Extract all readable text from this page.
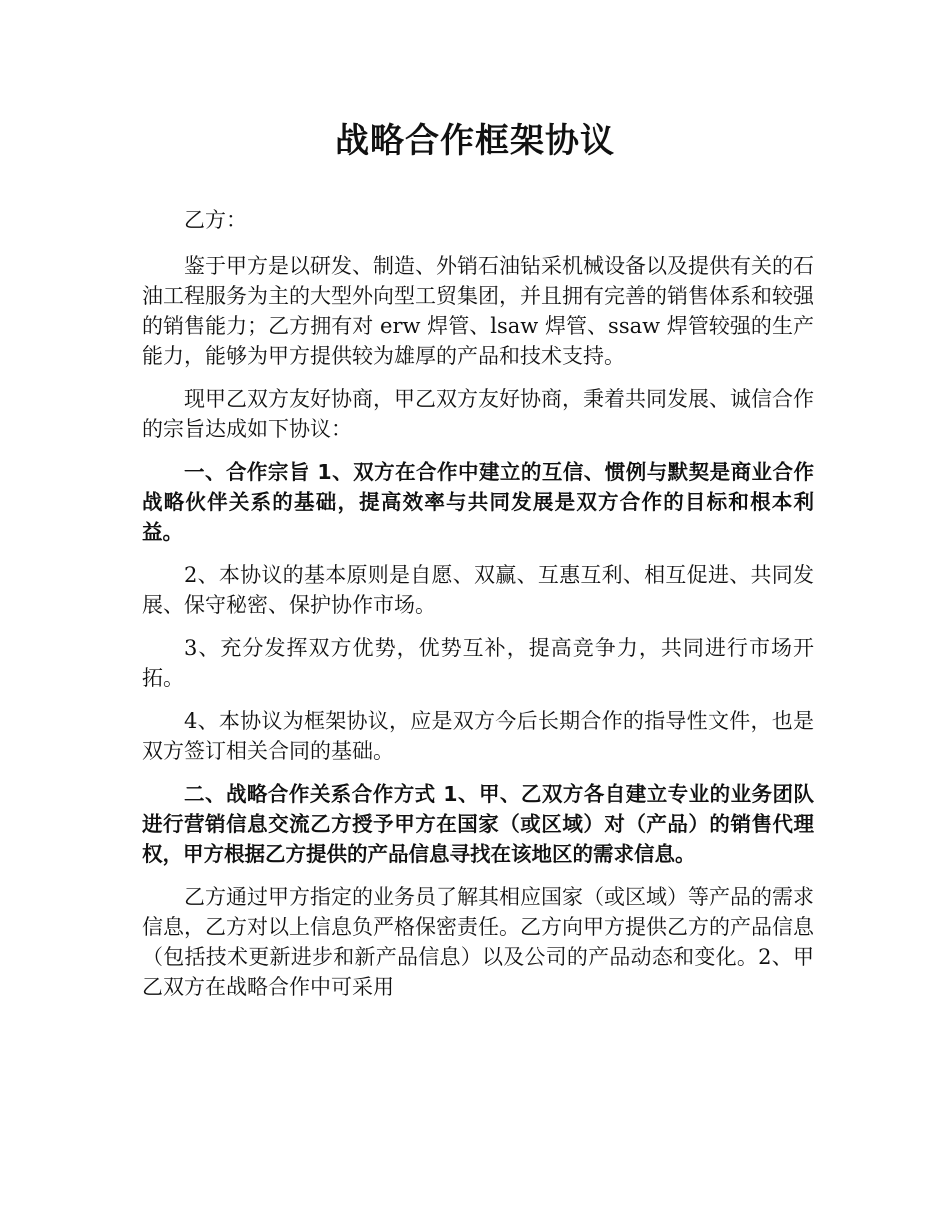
战略合作框架协议

乙方：

鉴于甲方是以研发、制造、外销石油钻采机械设备以及提供有关的石油工程服务为主的大型外向型工贸集团，并且拥有完善的销售体系和较强的销售能力；乙方拥有对 erw 焊管、lsaw 焊管、ssaw 焊管较强的生产能力，能够为甲方提供较为雄厚的产品和技术支持。

现甲乙双方友好协商，甲乙双方友好协商，秉着共同发展、诚信合作的宗旨达成如下协议：

一、合作宗旨 1、双方在合作中建立的互信、惯例与默契是商业合作战略伙伴关系的基础，提高效率与共同发展是双方合作的目标和根本利益。

2、本协议的基本原则是自愿、双赢、互惠互利、相互促进、共同发展、保守秘密、保护协作市场。

3、充分发挥双方优势，优势互补，提高竞争力，共同进行市场开拓。

4、本协议为框架协议，应是双方今后长期合作的指导性文件，也是双方签订相关合同的基础。

二、战略合作关系合作方式 1、甲、乙双方各自建立专业的业务团队进行营销信息交流乙方授予甲方在国家（或区域）对（产品）的销售代理权，甲方根据乙方提供的产品信息寻找在该地区的需求信息。

乙方通过甲方指定的业务员了解其相应国家（或区域）等产品的需求信息，乙方对以上信息负严格保密责任。乙方向甲方提供乙方的产品信息（包括技术更新进步和新产品信息）以及公司的产品动态和变化。2、甲乙双方在战略合作中可采用
